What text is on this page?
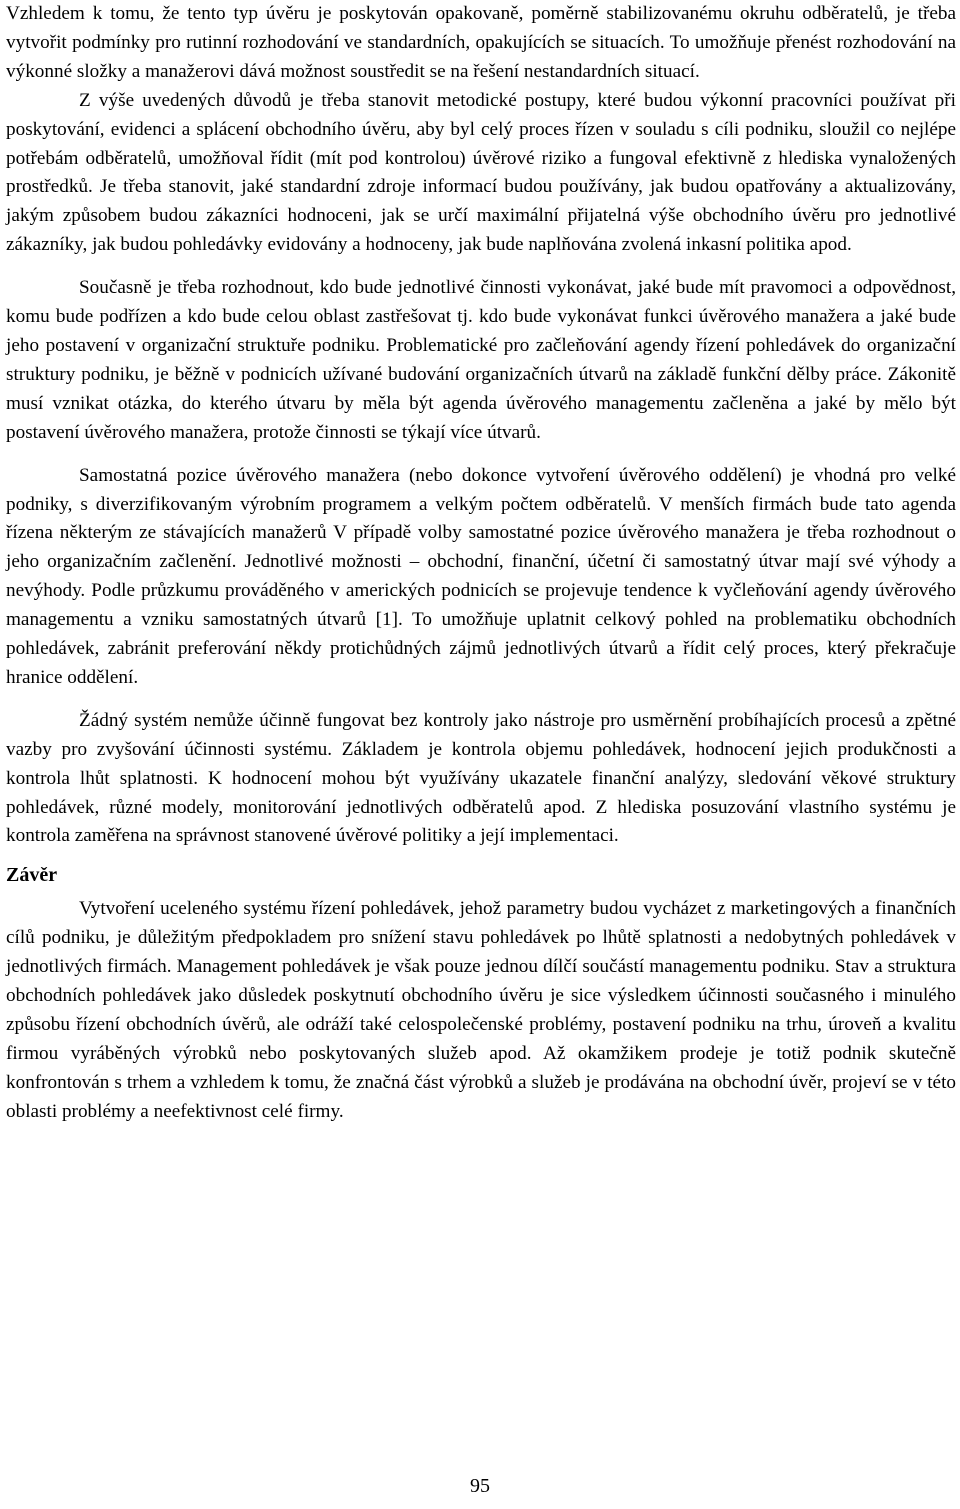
Vzhledem k tomu, že tento typ úvěru je poskytován opakovaně, poměrně stabilizovanému okruhu odběratelů, je třeba vytvořit podmínky pro rutinní rozhodování ve standardních, opakujících se situacích. To umožňuje přenést rozhodování na výkonné složky a manažerovi dává možnost soustředit se na řešení nestandardních situací.

Z výše uvedených důvodů je třeba stanovit metodické postupy, které budou výkonní pracovníci používat při poskytování, evidenci a splácení obchodního úvěru, aby byl celý proces řízen v souladu s cíli podniku, sloužil co nejlépe potřebám odběratelů, umožňoval řídit (mít pod kontrolou) úvěrové riziko a fungoval efektivně z hlediska vynaložených prostředků. Je třeba stanovit, jaké standardní zdroje informací budou používány, jak budou opatřovány a aktualizovány, jakým způsobem budou zákazníci hodnoceni, jak se určí maximální přijatelná výše obchodního úvěru pro jednotlivé zákazníky, jak budou pohledávky evidovány a hodnoceny, jak bude naplňována zvolená inkasní politika apod.

Současně je třeba rozhodnout, kdo bude jednotlivé činnosti vykonávat, jaké bude mít pravomoci a odpovědnost, komu bude podřízen a kdo bude celou oblast zastřešovat tj. kdo bude vykonávat funkci úvěrového manažera a jaké bude jeho postavení v organizační struktuře podniku. Problematické pro začleňování agendy řízení pohledávek do organizační struktury podniku, je běžně v podnicích užívané budování organizačních útvarů na základě funkční dělby práce. Zákonitě musí vznikat otázka, do kterého útvaru by měla být agenda úvěrového managementu začleněna a jaké by mělo být postavení úvěrového manažera, protože činnosti se týkají více útvarů.

Samostatná pozice úvěrového manažera (nebo dokonce vytvoření úvěrového oddělení) je vhodná pro velké podniky, s diverzifikovaným výrobním programem a velkým počtem odběratelů. V menších firmách bude tato agenda řízena některým ze stávajících manažerů V případě volby samostatné pozice úvěrového manažera je třeba rozhodnout o jeho organizačním začlenění. Jednotlivé možnosti – obchodní, finanční, účetní či samostatný útvar mají své výhody a nevýhody. Podle průzkumu prováděného v amerických podnicích se projevuje tendence k vyčleňování agendy úvěrového managementu a vzniku samostatných útvarů [1]. To umožňuje uplatnit celkový pohled na problematiku obchodních pohledávek, zabránit preferování někdy protichůdných zájmů jednotlivých útvarů a řídit celý proces, který překračuje hranice oddělení.

Žádný systém nemůže účinně fungovat bez kontroly jako nástroje pro usměrnění probíhajících procesů a zpětné vazby pro zvyšování účinnosti systému. Základem je kontrola objemu pohledávek, hodnocení jejich produkčnosti a kontrola lhůt splatnosti. K hodnocení mohou být využívány ukazatele finanční analýzy, sledování věkové struktury pohledávek, různé modely, monitorování jednotlivých odběratelů apod. Z hlediska posuzování vlastního systému je kontrola zaměřena na správnost stanovené úvěrové politiky a její implementaci.

Závěr

Vytvoření uceleného systému řízení pohledávek, jehož parametry budou vycházet z marketingových a finančních cílů podniku, je důležitým předpokladem pro snížení stavu pohledávek po lhůtě splatnosti a nedobytných pohledávek v jednotlivých firmách. Management pohledávek je však pouze jednou dílčí součástí managementu podniku. Stav a struktura obchodních pohledávek jako důsledek poskytnutí obchodního úvěru je sice výsledkem účinnosti současného i minulého způsobu řízení obchodních úvěrů, ale odráží také celospolečenské problémy, postavení podniku na trhu, úroveň a kvalitu firmou vyráběných výrobků nebo poskytovaných služeb apod. Až okamžikem prodeje je totiž podnik skutečně konfrontován s trhem a vzhledem k tomu, že značná část výrobků a služeb je prodávána na obchodní úvěr, projeví se v této oblasti problémy a neefektivnost celé firmy.

95
